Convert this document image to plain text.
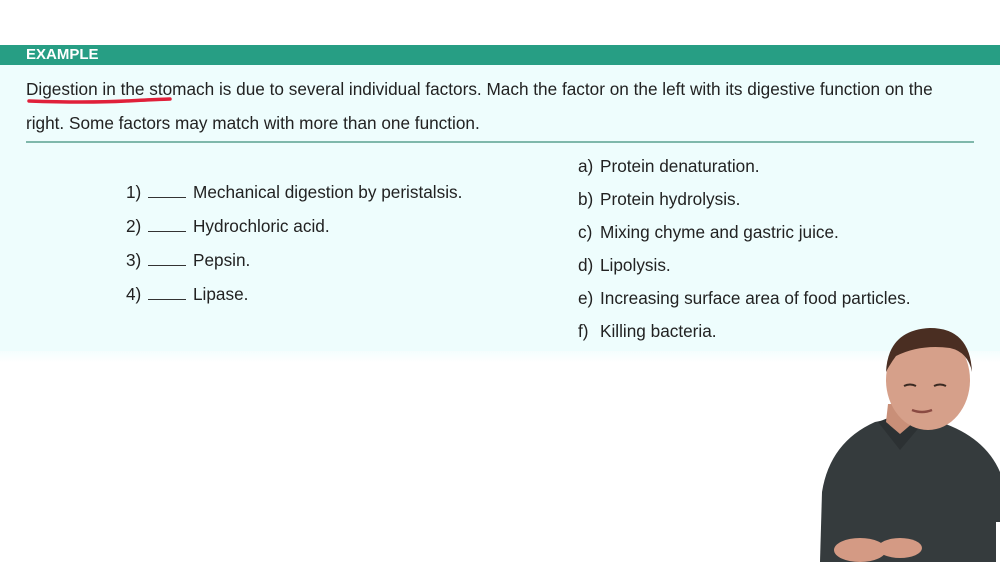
EXAMPLE
Digestion in the stomach is due to several individual factors. Mach the factor on the left with its digestive function on the right. Some factors may match with more than one function.
1)	Mechanical digestion by peristalsis.
2)	Hydrochloric acid.
3)	Pepsin.
4)	Lipase.
a) Protein denaturation.
b) Protein hydrolysis.
c) Mixing chyme and gastric juice.
d) Lipolysis.
e) Increasing surface area of food particles.
f) Killing bacteria.
